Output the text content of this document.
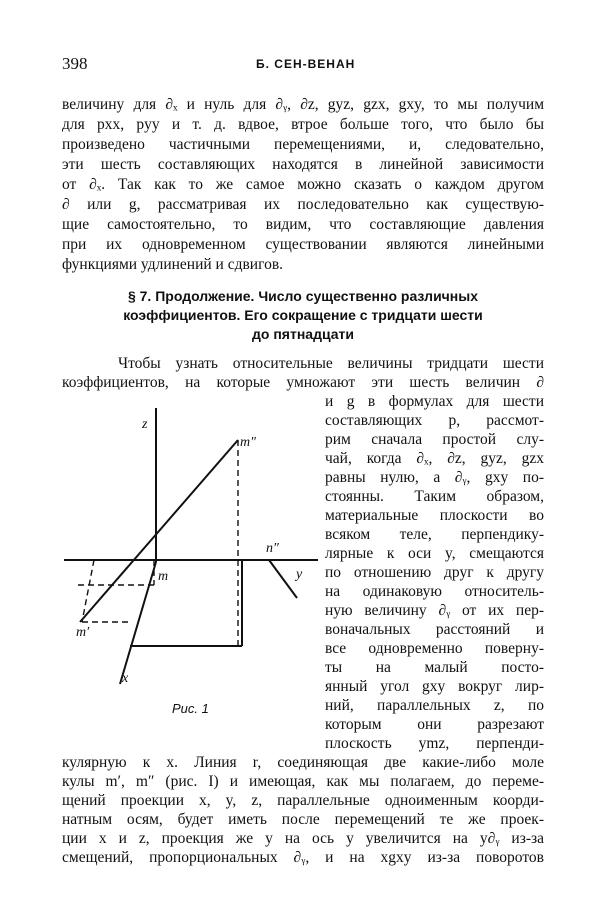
398	Б. СЕН-ВЕНАН
величину для ∂ₓ и нуль для ∂ᵧ, ∂z, gyz, gzx, gxy, то мы получим
для pxx, pyy и т. д. вдвое, втрое больше того, что было бы
произведено частичными перемещениями, и, следовательно,
эти шесть составляющих находятся в линейной зависимости
от ∂ₓ. Так как то же самое можно сказать о каждом другом
∂ или g, рассматривая их последовательно как существую-
щие самостоятельно, то видим, что составляющие давления
при их одновременном существовании являются линейными
функциями удлинений и сдвигов.
§ 7. Продолжение. Число существенно различных
коэффициентов. Его сокращение с тридцати шести
до пятнадцати
Чтобы узнать относительные величины тридцати шести
коэффициентов, на которые умножают эти шесть величин ∂
и g в формулах для шести
составляющих p, рассмот-
рим сначала простой слу-
чай, когда ∂ₓ, ∂z, gyz, gzx
равны нулю, а ∂ᵧ, gxy по-
стоянны. Таким образом,
материальные плоскости во
всяком теле, перпендику-
лярные к оси y, смещаются
по отношению друг к другу
на одинаковую относитель-
ную величину ∂ᵧ от их пер-
воначальных расстояний и
все одновременно поверну-
ты на малый посто-
янный угол gxy вокруг лир-
ний, параллельных z, по
которым они разрезают
плоскость ymz, перпенди-
кулярную к x. Линия r, соединяющая две какие-либо моле
кулы m′, m″ (рис. I) и имеющая, как мы полагаем, до переме-
щений проекции x, y, z, параллельные одноименным коорди-
натным осям, будет иметь после перемещений те же проек-
ции x и z, проекция же y на ось y увеличится на y∂ᵧ из-за
смещений, пропорциональных ∂ᵧ, и на xgxy из-за поворотов
z
m″
n″
y
m
m′
x
Рис. 1
